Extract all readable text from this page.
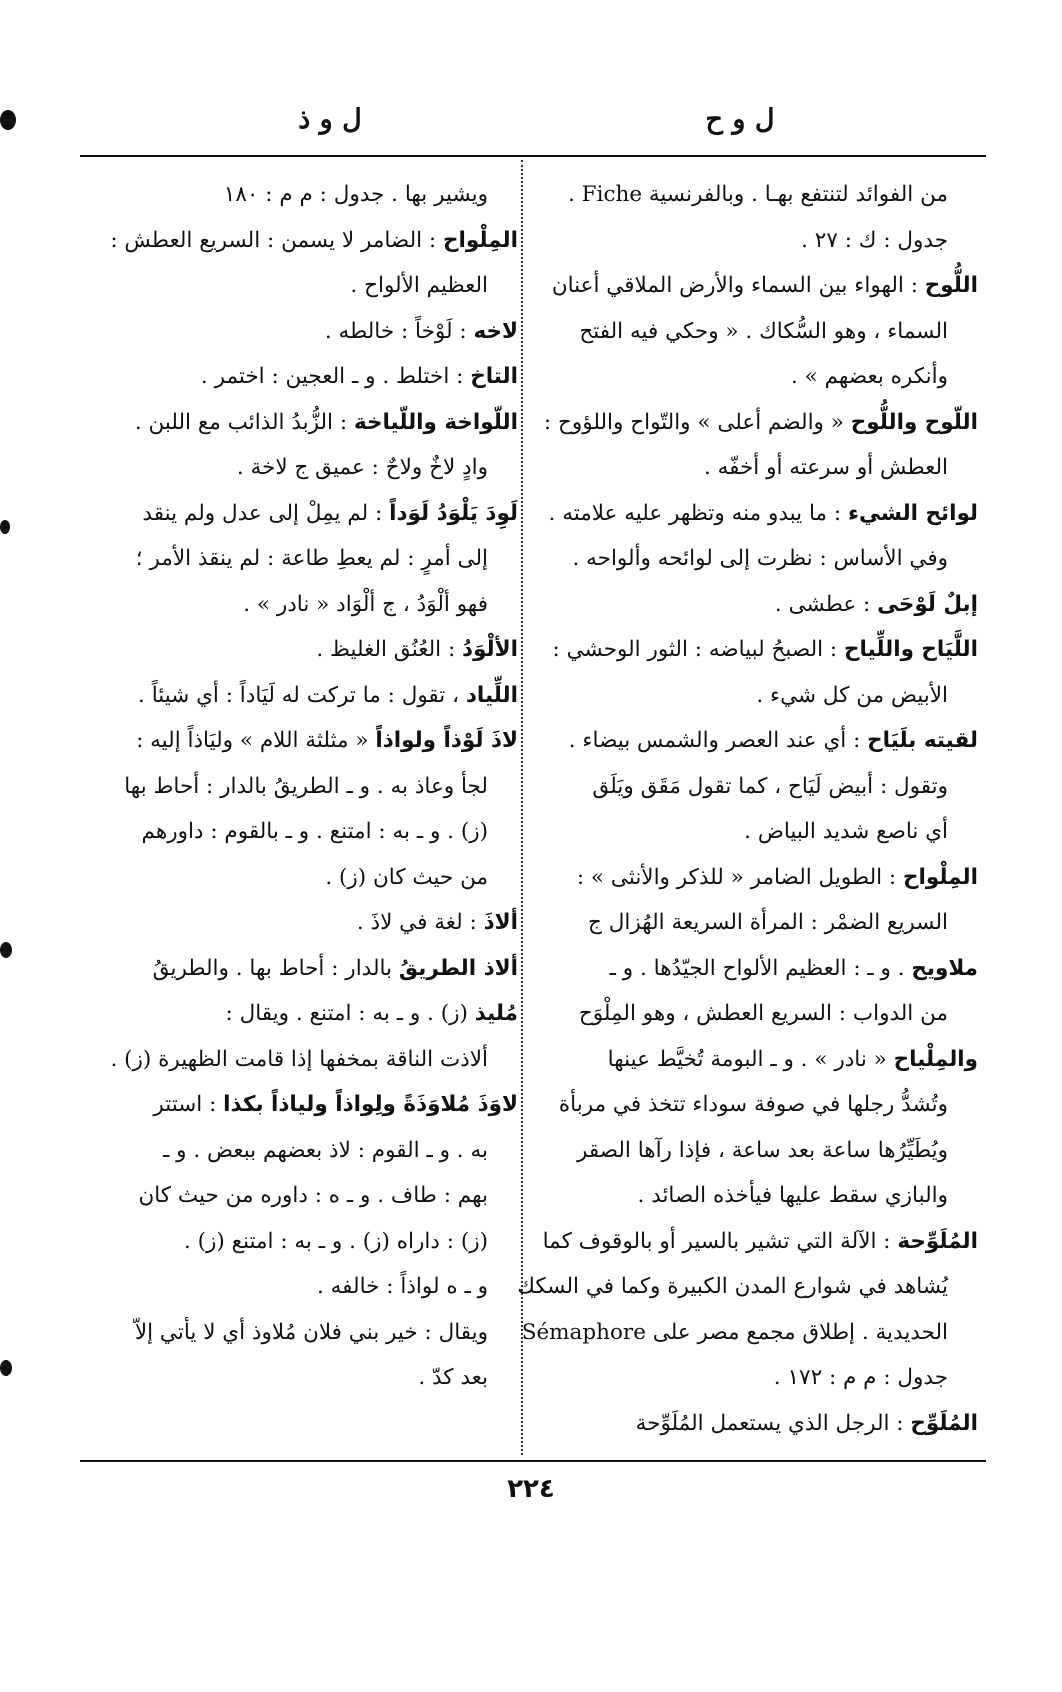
ل و ح
ل و ذ
من الفوائد لتنتفع بهـا . وبالفرنسية Fiche .
جدول : ك : ٢٧ .
اللُّوح : الهواء بين السماء والأرض الملاقي أعنان
السماء ، وهو السُّكاك . « وحكي فيه الفتح
وأنكره بعضهم » .
اللّوح واللُّوح « والضم أعلى » والتّواح واللؤوح :
العطش أو سرعته أو أخفّه .
لوائح الشيء : ما يبدو منه وتظهر عليه علامته .
وفي الأساس : نظرت إلى لوائحه وألواحه .
إبلٌ لَوْحَى : عطشى .
اللَّيَاح واللِّياح : الصبحُ لبياضه : الثور الوحشي :
الأبيض من كل شيء .
لقيته بلَيَاح : أي عند العصر والشمس بيضاء .
وتقول : أبيض لَيَاح ، كما تقول مَقَق ويَلَق
أي ناصع شديد البياض .
المِلْواح : الطويل الضامر « للذكر والأنثى » :
السريع الضمْر : المرأة السريعة الهُزال ج
ملاويح . و ـ : العظيم الألواح الجيّدُها . و ـ
من الدواب : السريع العطش ، وهو المِلْوَح
والمِلْياح « نادر » . و ـ البومة تُخيَّط عينها
وتُشدُّ رجلها في صوفة سوداء تتخذ في مربأة
ويُطَيِّرُها ساعة بعد ساعة ، فإذا رآها الصقر
والبازي سقط عليها فيأخذه الصائد .
المُلَوِّحة : الآلة التي تشير بالسير أو بالوقوف كما
يُشاهد في شوارع المدن الكبيرة وكما في السكك
الحديدية . إطلاق مجمع مصر على Sémaphore
جدول : م م : ١٧٢ .
المُلَوِّح : الرجل الذي يستعمل المُلَوِّحة
ويشير بها . جدول : م م : ١٨٠
المِلْواح : الضامر لا يسمن : السريع العطش :
العظيم الألواح .
لاخه : لَوْخاً : خالطه .
التاخ : اختلط . و ـ العجين : اختمر .
اللّواخة واللّياخة : الزُّبدُ الذائب مع اللبن .
وادٍ لاخٌ ولاحٌ : عميق ج لاخة .
لَوِدَ يَلْوَدُ لَوَداً : لم يمِلْ إلى عدل ولم ينقد
إلى أمرٍ : لم يعطِ طاعة : لم ينقذ الأمر ؛
فهو ألْوَدُ ، ج ألْوَاد « نادر » .
الألْوَدُ : العُنُق الغليظ .
اللِّياد ، تقول : ما تركت له لَيَاداً : أي شيئاً .
لاذَ لَوْذاً ولواذاً « مثلثة اللام » وليَاذاً إليه :
لجأ وعاذ به . و ـ الطريقُ بالدار : أحاط بها
(ز) . و ـ به : امتنع . و ـ بالقوم : داورهم
من حيث كان (ز) .
ألاذَ : لغة في لاذَ .
ألاذ الطريقُ بالدار : أحاط بها . والطريقُ
مُليذ (ز) . و ـ به : امتنع . ويقال :
ألاذت الناقة بمخفها إذا قامت الظهيرة (ز) .
لاوَذَ مُلاوَذَةً ولِواذاً ولياذاً بكذا : استتر
به . و ـ القوم : لاذ بعضهم ببعض . و ـ
بهم : طاف . و ـ ه : داوره من حيث كان
(ز) : داراه (ز) . و ـ به : امتنع (ز) .
و ـ ه لواذاً : خالفه .
ويقال : خير بني فلان مُلاوذ أي لا يأتي إلاّ
بعد كدّ .
٢٢٤
